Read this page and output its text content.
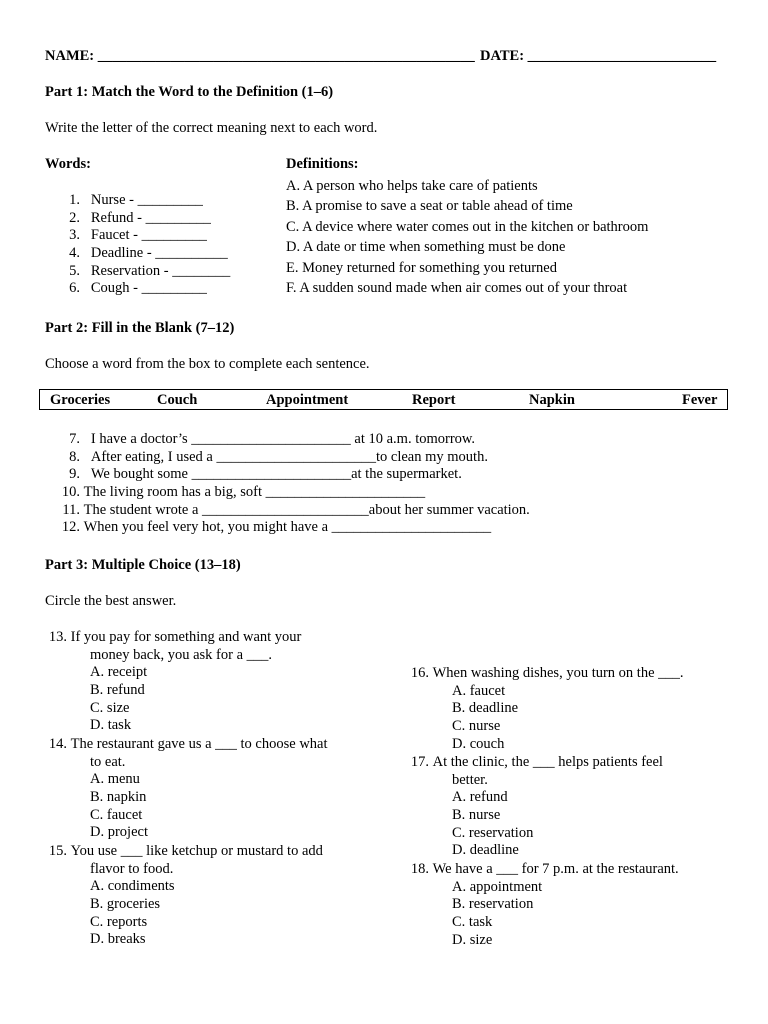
NAME: ____________________________________________________ DATE: __________________________
Part 1: Match the Word to the Definition (1–6)
Write the letter of the correct meaning next to each word.
Words:	Definitions:
1.
Nurse - _________
2.
Refund - _________
3.
Faucet - _________
4.
Deadline - __________
5.
Reservation - ________
6.
Cough - _________
A. A person who helps take care of patients
B. A promise to save a seat or table ahead of time
C. A device where water comes out in the kitchen or bathroom
D. A date or time when something must be done
E. Money returned for something you returned
F. A sudden sound made when air comes out of your throat
Part 2: Fill in the Blank (7–12)
Choose a word from the box to complete each sentence.
Groceries	Couch	Appointment	Report	Napkin	Fever
7.
I have a doctor’s ______________________ at 10 a.m. tomorrow.
8.
After eating, I used a ______________________to clean my mouth.
9.
We bought some ______________________at the supermarket.
10.
The living room has a big, soft ______________________
11.
The student wrote a _______________________about her summer vacation.
12.
When you feel very hot, you might have a ______________________
Part 3: Multiple Choice (13–18)
Circle the best answer.
13.
If you pay for something and want your
money back, you ask for a ___.
A. receipt
B. refund
C. size
D. task
14.
The restaurant gave us a ___ to choose what
to eat.
A. menu
B. napkin
C. faucet
D. project
15.
You use ___ like ketchup or mustard to add
flavor to food.
A. condiments
B. groceries
C. reports
D. breaks
16.
When washing dishes, you turn on the ___.
A. faucet
B. deadline
C. nurse
D. couch
17.
At the clinic, the ___ helps patients feel
better.
A. refund
B. nurse
C. reservation
D. deadline
18.
We have a ___ for 7 p.m. at the restaurant.
A. appointment
B. reservation
C. task
D. size
